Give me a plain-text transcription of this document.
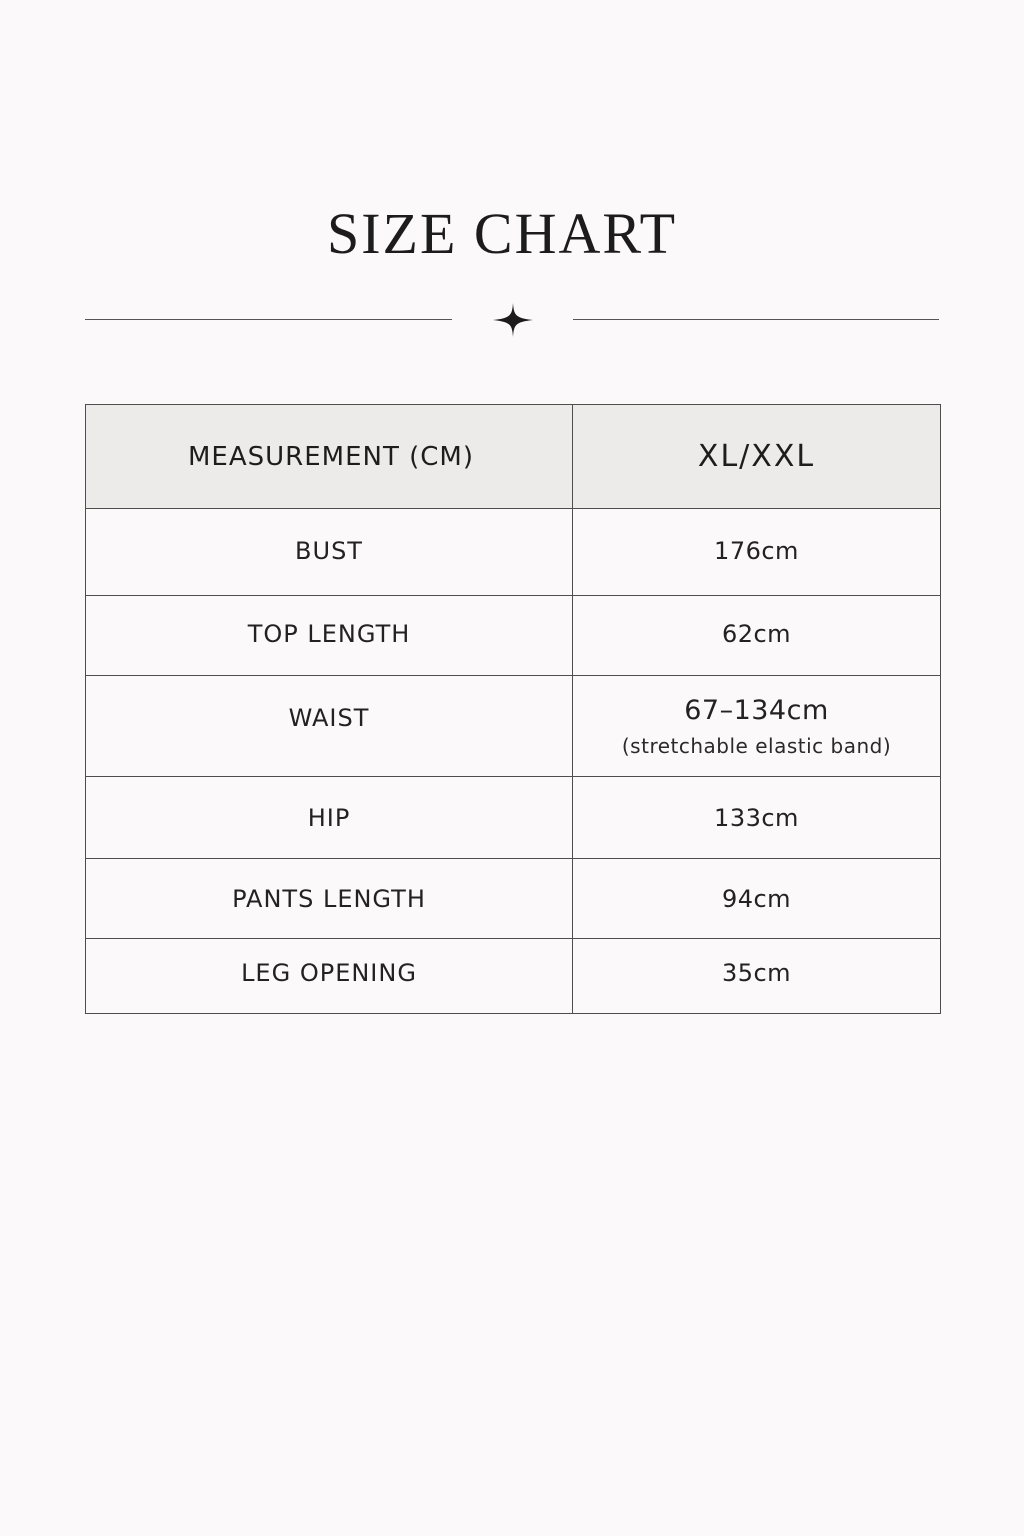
SIZE CHART
MEASUREMENT (CM)	XL/XXL
BUST	176cm
TOP LENGTH	62cm
WAIST	67–134cm
(stretchable elastic band)

HIP	133cm
PANTS LENGTH	94cm
LEG OPENING	35cm
